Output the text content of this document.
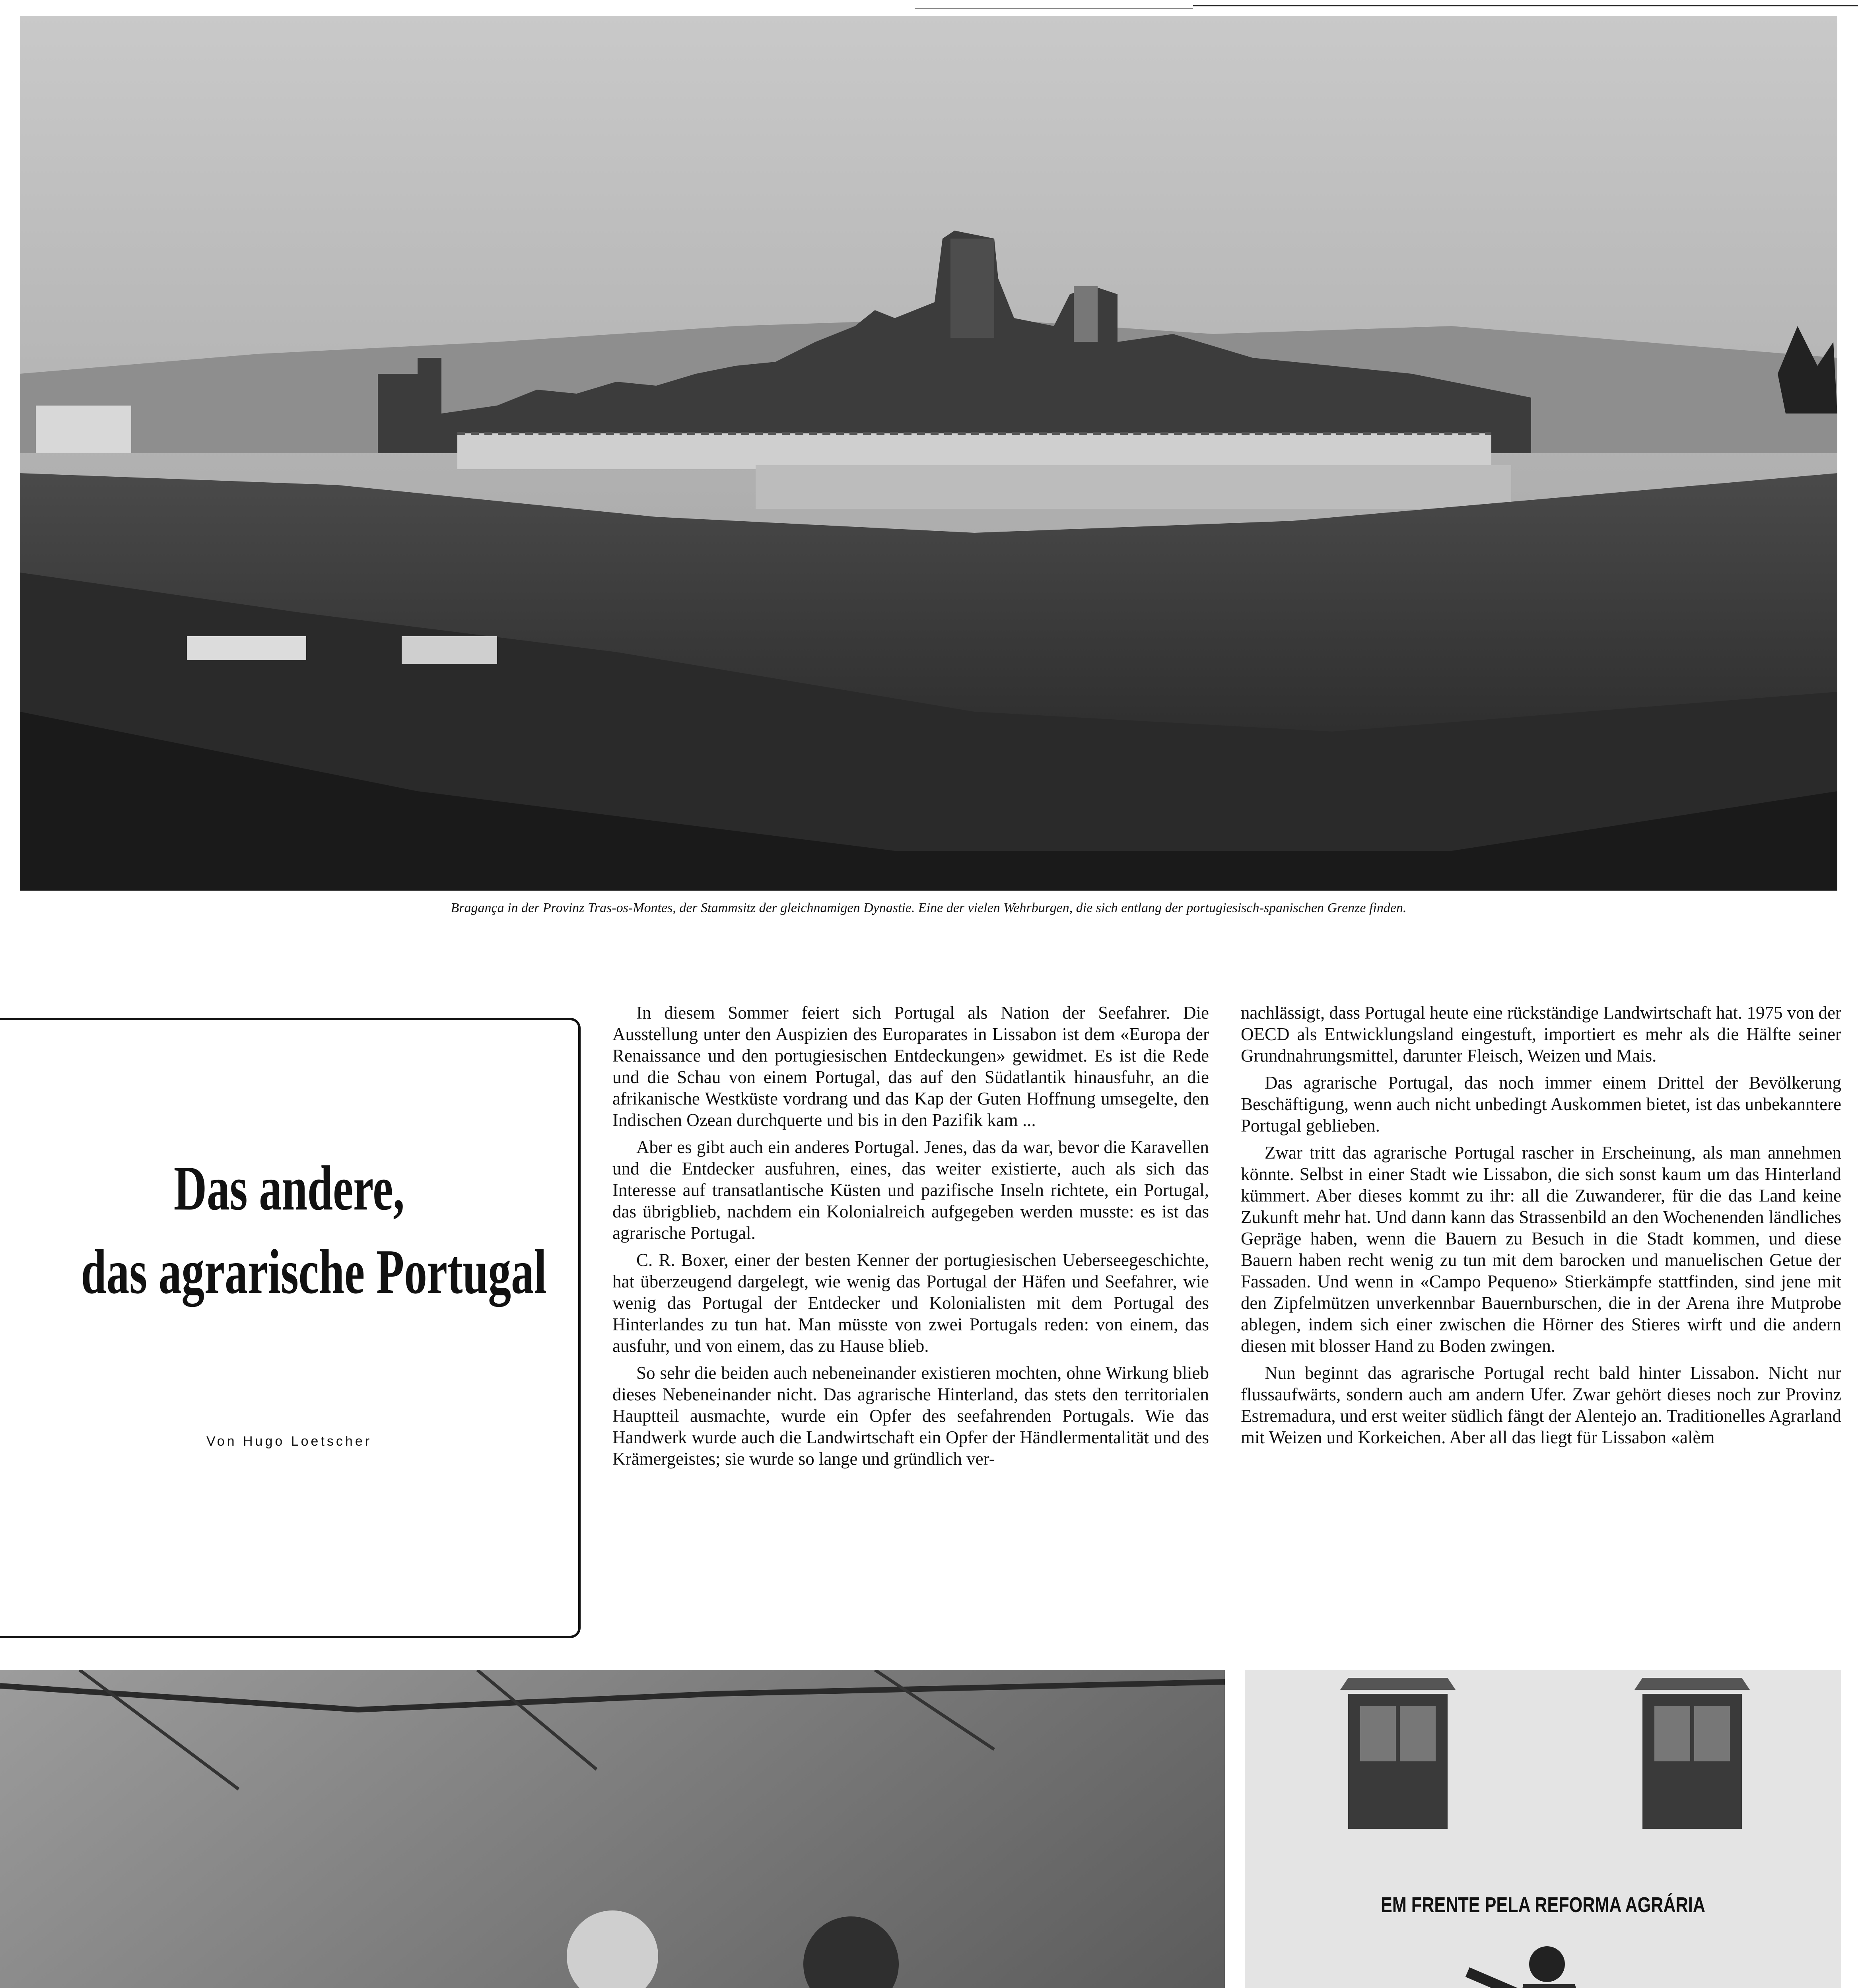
Bragança in der Provinz Tras-os-Montes, der Stammsitz der gleichnamigen Dynastie. Eine der vielen Wehrburgen, die sich entlang der portugiesisch-spanischen Grenze finden.
Das andere,
das agrarische Portugal
Von Hugo Loetscher

In diesem Sommer feiert sich Portugal als Nation der Seefahrer. Die Ausstellung unter den Auspizien des Europarates in Lissabon ist dem «Europa der Renaissance und den portugiesischen Entdeckungen» gewidmet. Es ist die Rede und die Schau von einem Portugal, das auf den Südatlantik hinausfuhr, an die afrikanische Westküste vordrang und das Kap der Guten Hoffnung umsegelte, den Indischen Ozean durchquerte und bis in den Pazifik kam ...

Aber es gibt auch ein anderes Portugal. Jenes, das da war, bevor die Karavellen und die Entdecker ausfuhren, eines, das weiter existierte, auch als sich das Interesse auf transatlantische Küsten und pazifische Inseln richtete, ein Portugal, das übrigblieb, nachdem ein Kolonialreich aufgegeben werden musste: es ist das agrarische Portugal.

C. R. Boxer, einer der besten Kenner der portugiesischen Ueberseegeschichte, hat überzeugend dargelegt, wie wenig das Portugal der Häfen und Seefahrer, wie wenig das Portugal der Entdecker und Kolonialisten mit dem Portugal des Hinterlandes zu tun hat. Man müsste von zwei Portugals reden: von einem, das ausfuhr, und von einem, das zu Hause blieb.

So sehr die beiden auch nebeneinander existieren mochten, ohne Wirkung blieb dieses Nebeneinander nicht. Das agrarische Hinterland, das stets den territorialen Hauptteil ausmachte, wurde ein Opfer des seefahrenden Portugals. Wie das Handwerk wurde auch die Landwirtschaft ein Opfer der Händlermentalität und des Krämergeistes; sie wurde so lange und gründlich ver-

nachlässigt, dass Portugal heute eine rückständige Landwirtschaft hat. 1975 von der OECD als Entwicklungsland eingestuft, importiert es mehr als die Hälfte seiner Grundnahrungsmittel, darunter Fleisch, Weizen und Mais.

Das agrarische Portugal, das noch immer einem Drittel der Bevölkerung Beschäftigung, wenn auch nicht unbedingt Auskommen bietet, ist das unbekanntere Portugal geblieben.

Zwar tritt das agrarische Portugal rascher in Erscheinung, als man annehmen könnte. Selbst in einer Stadt wie Lissabon, die sich sonst kaum um das Hinterland kümmert. Aber dieses kommt zu ihr: all die Zuwanderer, für die das Land keine Zukunft mehr hat. Und dann kann das Strassenbild an den Wochenenden ländliches Gepräge haben, wenn die Bauern zu Besuch in die Stadt kommen, und diese Bauern haben recht wenig zu tun mit dem barocken und manuelischen Getue der Fassaden. Und wenn in «Campo Pequeno» Stierkämpfe stattfinden, sind jene mit den Zipfelmützen unverkennbar Bauernburschen, die in der Arena ihre Mutprobe ablegen, indem sich einer zwischen die Hörner des Stieres wirft und die andern diesen mit blosser Hand zu Boden zwingen.

Nun beginnt das agrarische Portugal recht bald hinter Lissabon. Nicht nur flussaufwärts, sondern auch am andern Ufer. Zwar gehört dieses noch zur Provinz Estremadura, und erst weiter südlich fängt der Alentejo an. Traditionelles Agrarland mit Weizen und Korkeichen. Aber all das liegt für Lissabon «alèm

EM FRENTE PELA REFORMA AGRÁRIA
